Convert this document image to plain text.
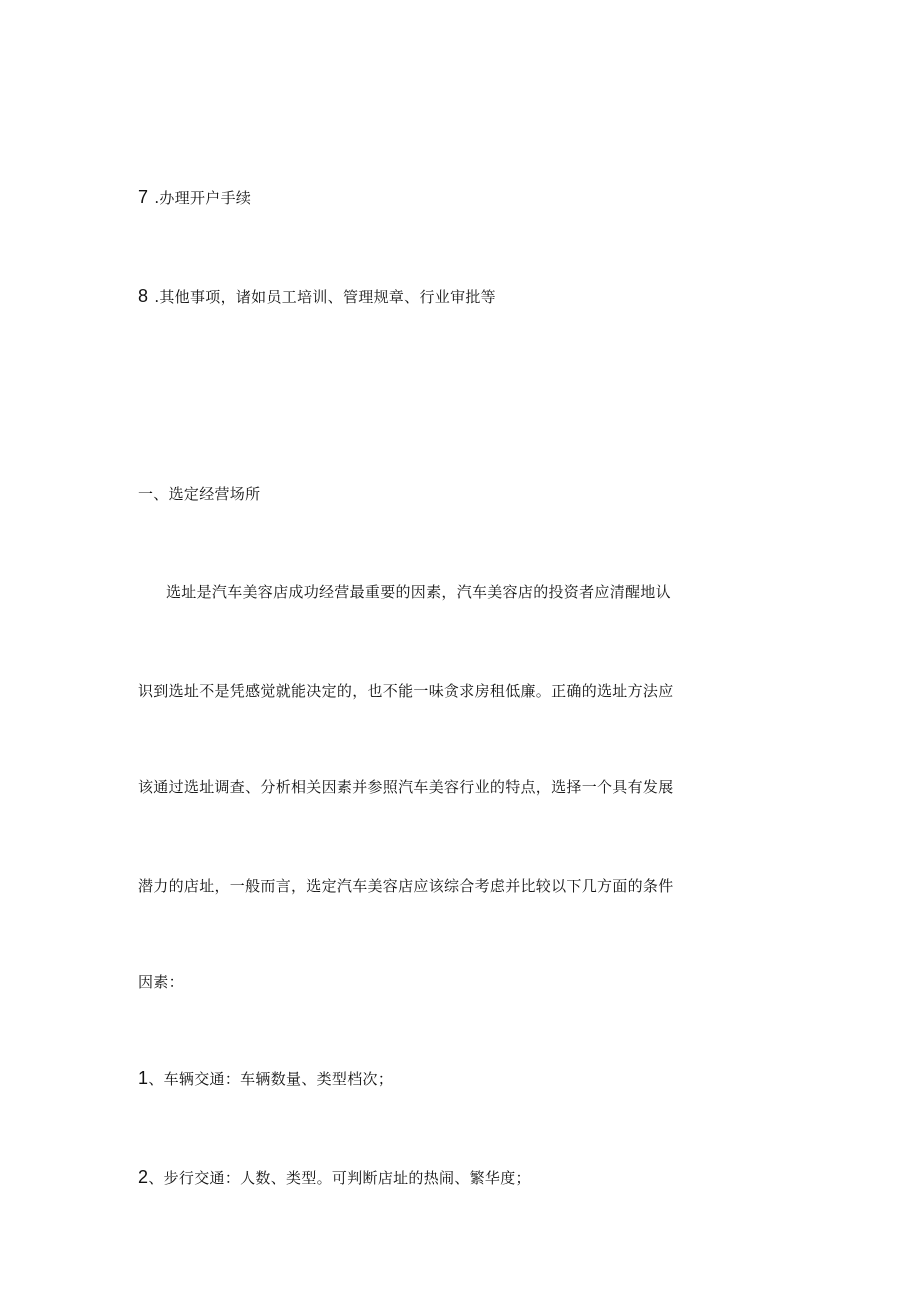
7 .办理开户手续
8 .其他事项，诸如员工培训、管理规章、行业审批等
一、选定经营场所
选址是汽车美容店成功经营最重要的因素，汽车美容店的投资者应清醒地认
识到选址不是凭感觉就能决定的，也不能一味贪求房租低廉。正确的选址方法应
该通过选址调查、分析相关因素并参照汽车美容行业的特点，选择一个具有发展
潜力的店址，一般而言，选定汽车美容店应该综合考虑并比较以下几方面的条件
因素：
1、车辆交通：车辆数量、类型档次；
2、步行交通：人数、类型。可判断店址的热闹、繁华度；
